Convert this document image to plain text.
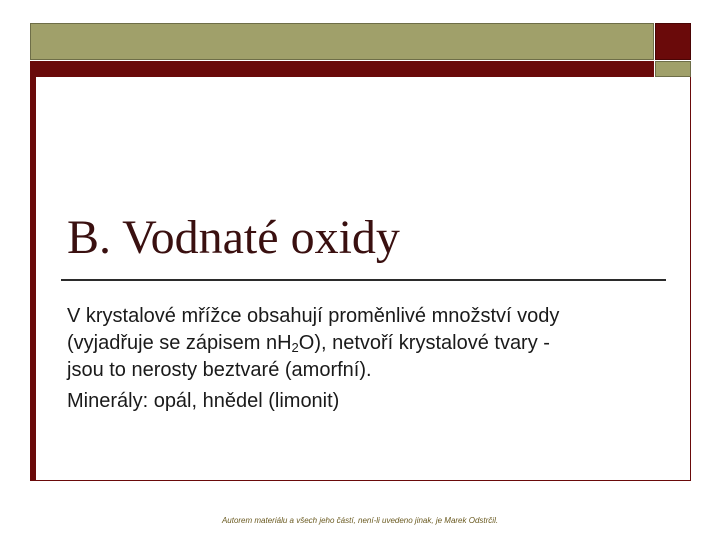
B. Vodnaté oxidy

V krystalové mřížce obsahují proměnlivé množství vody
(vyjadřuje se zápisem $nH_2O$), netvoří krystalové tvary -
jsou to nerosty beztvaré (amorfní).

Minerály: opál, hnědel (limonit)

Autorem materiálu a všech jeho částí, není-li uvedeno jinak, je Marek Odstrčil.
